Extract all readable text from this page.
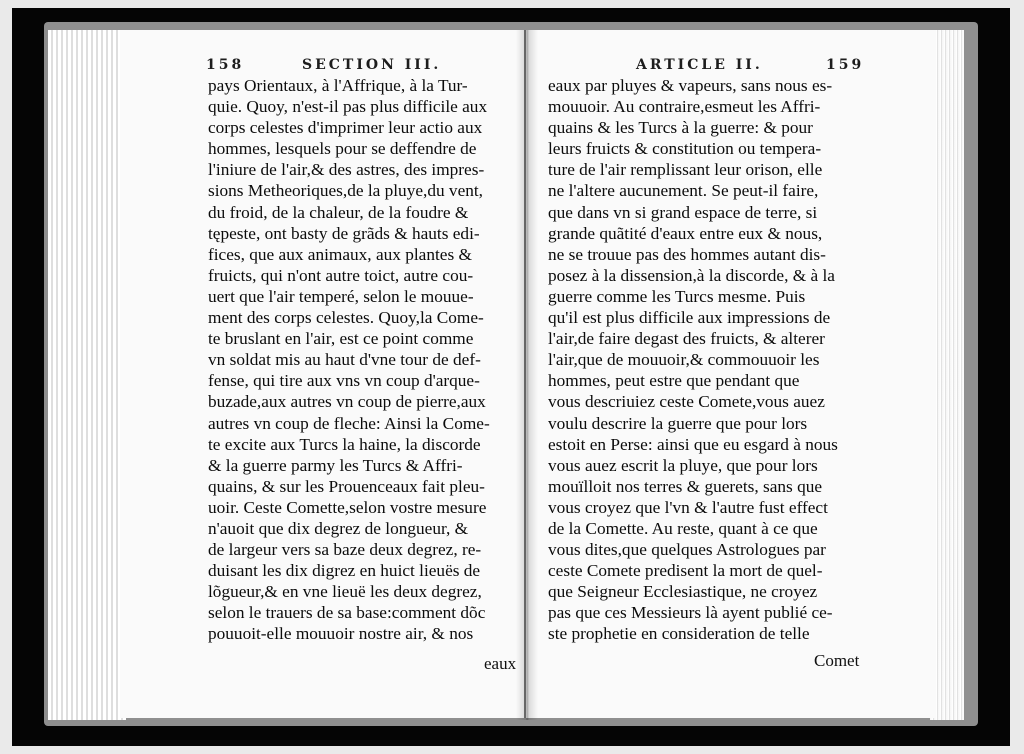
158	SECTION III.	ARTICLE II.	159
pays Orientaux, à l'Affrique, à la Tur-
quie. Quoy, n'est-il pas plus difficile aux
corps celestes d'imprimer leur actio aux
hommes, lesquels pour se deffendre de
l'iniure de l'air,& des astres, des impres-
sions Metheoriques,de la pluye,du vent,
du froid, de la chaleur, de la foudre &
tępeste, ont basty de grãds & hauts edi-
fices, que aux animaux, aux plantes &
fruicts, qui n'ont autre toict, autre cou-
uert que l'air temperé, selon le mouue-
ment des corps celestes. Quoy,la Come-
te bruslant en l'air, est ce point comme
vn soldat mis au haut d'vne tour de def-
fense, qui tire aux vns vn coup d'arque-
buzade,aux autres vn coup de pierre,aux
autres vn coup de fleche: Ainsi la Come-
te excite aux Turcs la haine, la discorde
& la guerre parmy les Turcs & Affri-
quains, & sur les Prouenceaux fait pleu-
uoir. Ceste Comette,selon vostre mesure
n'auoit que dix degrez de longueur, &
de largeur vers sa baze deux degrez, re-
duisant les dix digrez en huict lieuës de
lõgueur,& en vne lieuë les deux degrez,
selon le trauers de sa base:comment dõc
pouuoit-elle mouuoir nostre air, & nos
eaux par pluyes & vapeurs, sans nous es-
mouuoir. Au contraire,esmeut les Affri-
quains & les Turcs à la guerre: & pour
leurs fruicts & constitution ou tempera-
ture de l'air remplissant leur orison, elle
ne l'altere aucunement. Se peut-il faire,
que dans vn si grand espace de terre, si
grande quãtité d'eaux entre eux & nous,
ne se trouue pas des hommes autant dis-
posez à la dissension,à la discorde, & à la
guerre comme les Turcs mesme. Puis
qu'il est plus difficile aux impressions de
l'air,de faire degast des fruicts, & alterer
l'air,que de mouuoir,& commouuoir les
hommes, peut estre que pendant que
vous descriuiez ceste Comete,vous auez
voulu descrire la guerre que pour lors
estoit en Perse: ainsi que eu esgard à nous
vous auez escrit la pluye, que pour lors
mouïlloit nos terres & guerets, sans que
vous croyez que l'vn & l'autre fust effect
de la Comette. Au reste, quant à ce que
vous dites,que quelques Astrologues par
ceste Comete predisent la mort de quel-
que Seigneur Ecclesiastique, ne croyez
pas que ces Messieurs là ayent publié ce-
ste prophetie en consideration de telle
eaux	Comet
